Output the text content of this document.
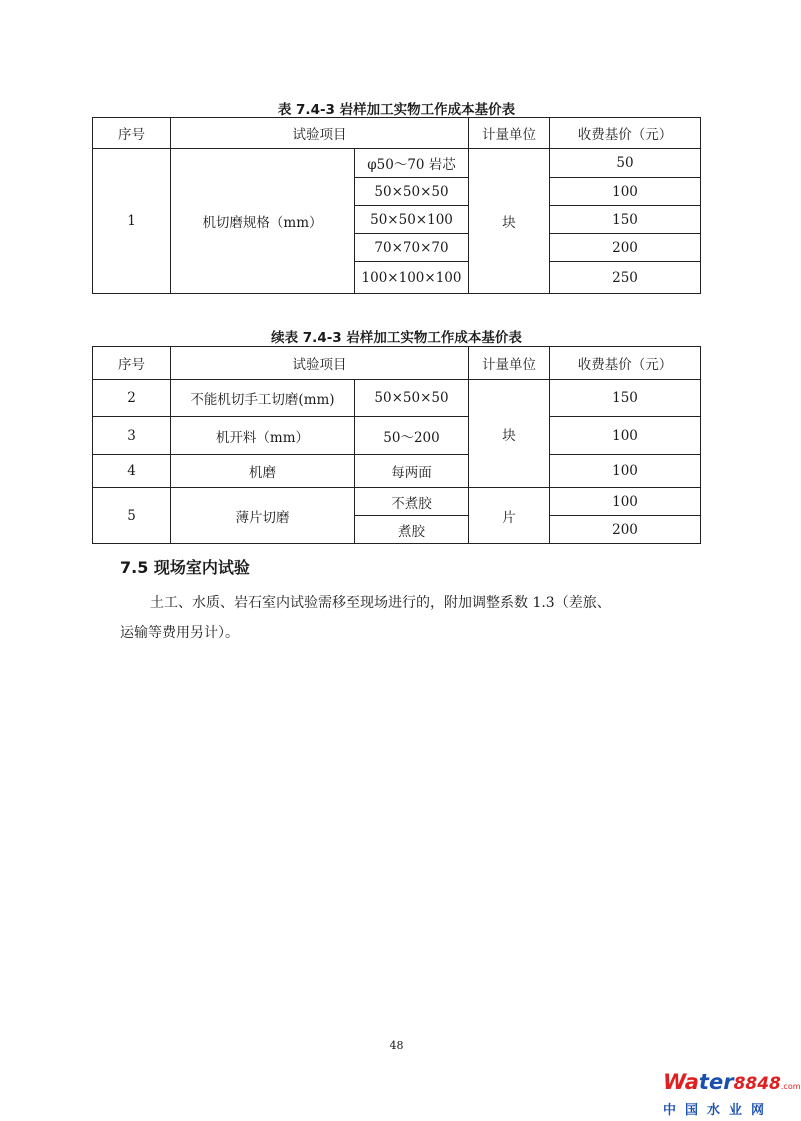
表 7.4-3 岩样加工实物工作成本基价表
序号	试验项目		计量单位	收费基价（元）
1	机切磨规格（mm）	φ50～70 岩芯	块	50
		50×50×50		100
		50×50×100		150
		70×70×70		200
		100×100×100		250
续表 7.4-3 岩样加工实物工作成本基价表
序号	试验项目		计量单位	收费基价（元）
2	不能机切手工切磨(mm)	50×50×50	块	150
3	机开料（mm）	50～200		100
4	机磨	每两面		100
5	薄片切磨	不煮胶	片	100
		煮胶		200
7.5 现场室内试验
土工、水质、岩石室内试验需移至现场进行的，附加调整系数 1.3（差旅、
运输等费用另计）。
48
Water8848.com
中国水业网
